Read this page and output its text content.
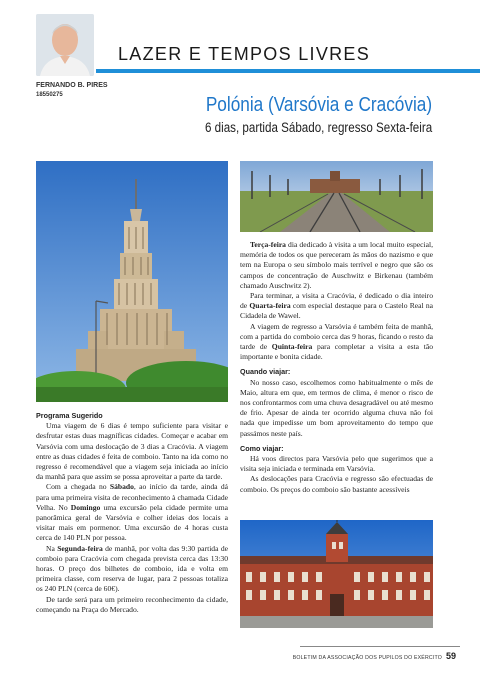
LAZER E TEMPOS LIVRES
FERNANDO B. PIRES
18550275	Polónia (Varsóvia e Cracóvia)
6 dias, partida Sábado, regresso Sexta-feira

Programa Sugerido

Uma viagem de 6 dias é tempo suficiente para visitar e desfrutar estas duas magníficas cidades. Começar e acabar em Varsóvia com uma deslocação de 3 dias a Cracóvia. A viagem entre as duas cidades é feita de comboio. Tanto na ida como no regresso é recomendável que a viagem seja iniciada ao início da manhã para que assim se possa aproveitar a parte da tarde.

Com a chegada no Sábado, ao início da tarde, ainda dá para uma primeira visita de reconhecimento à chamada Cidade Velha. No Domingo uma excursão pela cidade permite uma panorâmica geral de Varsóvia e colher ideias dos locais a visitar mais em pormenor. Uma excursão de 4 horas custa cerca de 140 PLN por pessoa.

Na Segunda-feira de manhã, por volta das 9:30 partida de comboio para Cracóvia com chegada prevista cerca das 13:30 horas. O preço dos bilhetes de comboio, ida e volta em primeira classe, com reserva de lugar, para 2 pessoas totaliza os 240 PLN (cerca de 60€).

De tarde será para um primeiro reconhecimento da cidade, começando na Praça do Mercado.

Terça-feira dia dedicado à visita a um local muito especial, memória de todos os que pereceram às mãos do nazismo e que tem na Europa o seu símbolo mais terrível e negro que são os campos de concentração de Auschwitz e Birkenau (também chamado Auschwitz 2).

Para terminar, a visita a Cracóvia, é dedicado o dia inteiro de Quarta-feira com especial destaque para o Castelo Real na Cidadela de Wawel.

A viagem de regresso a Varsóvia é também feita de manhã, com a partida do comboio cerca das 9 horas, ficando o resto da tarde de Quinta-feira para completar a visita a esta tão importante e bonita cidade.

Quando viajar:

No nosso caso, escolhemos como habitualmente o mês de Maio, altura em que, em termos de clima, é menor o risco de nos confrontarmos com uma chuva desagradável ou até mesmo de frio. Apesar de ainda ter ocorrido alguma chuva não foi nada que impedisse um bom aproveitamento do tempo que passámos neste país.

Como viajar:

Há voos directos para Varsóvia pelo que sugerimos que a visita seja iniciada e terminada em Varsóvia.

As deslocações para Cracóvia e regresso são efectuadas de comboio. Os preços do comboio são bastante acessíveis

BOLETIM DA ASSOCIAÇÃO DOS PUPILOS DO EXÉRCITO 59
